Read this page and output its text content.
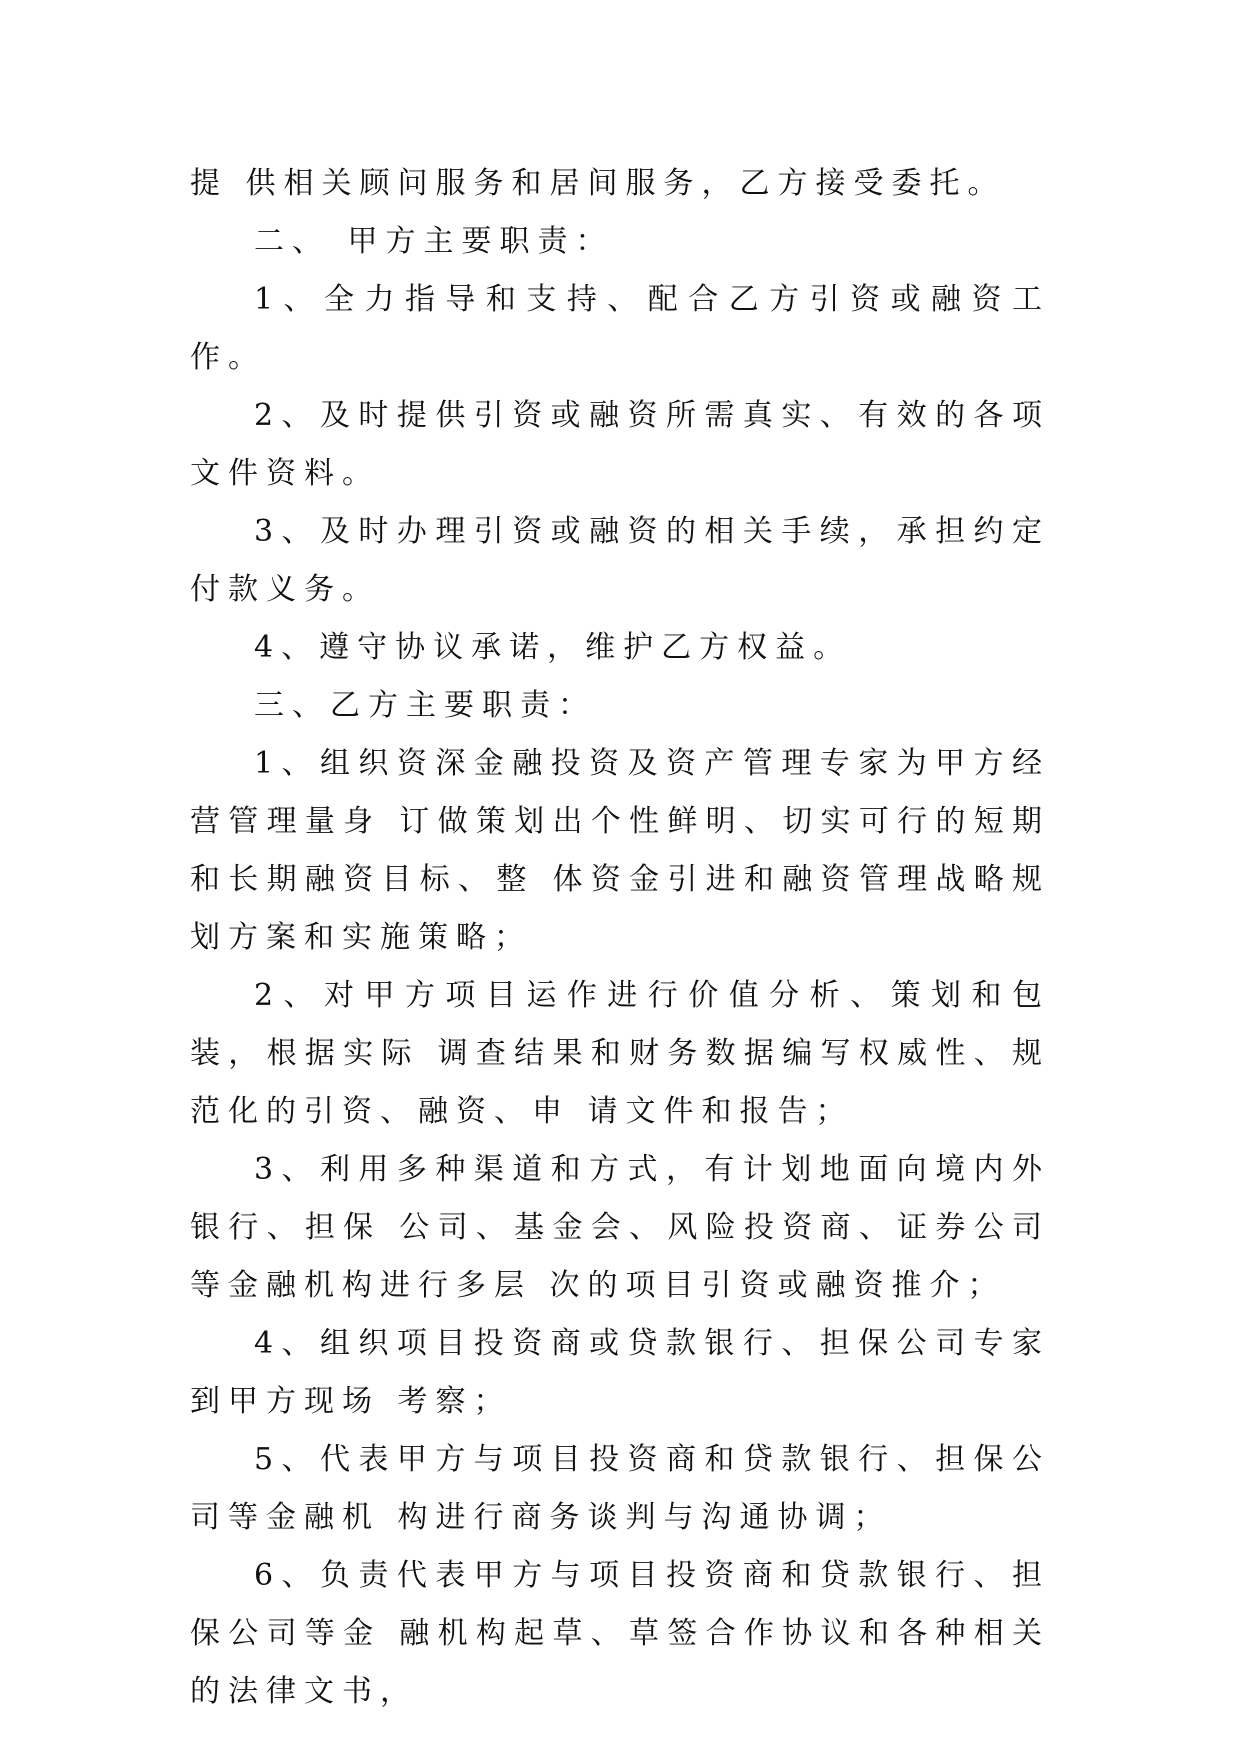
提 供相关顾问服务和居间服务，乙方接受委托。

二、 甲方主要职责：

1、全力指导和支持、配合乙方引资或融资工作。

2、及时提供引资或融资所需真实、有效的各项文件资料。

3、及时办理引资或融资的相关手续，承担约定付款义务。

4、遵守协议承诺，维护乙方权益。

三、乙方主要职责：

1、组织资深金融投资及资产管理专家为甲方经营管理量身 订做策划出个性鲜明、切实可行的短期和长期融资目标、整 体资金引进和融资管理战略规划方案和实施策略；

2、对甲方项目运作进行价值分析、策划和包装，根据实际 调查结果和财务数据编写权威性、规范化的引资、融资、申 请文件和报告；

3、利用多种渠道和方式，有计划地面向境内外银行、担保 公司、基金会、风险投资商、证券公司等金融机构进行多层 次的项目引资或融资推介；

4、组织项目投资商或贷款银行、担保公司专家到甲方现场 考察；

5、代表甲方与项目投资商和贷款银行、担保公司等金融机 构进行商务谈判与沟通协调；

6、负责代表甲方与项目投资商和贷款银行、担保公司等金 融机构起草、草签合作协议和各种相关的法律文书，
